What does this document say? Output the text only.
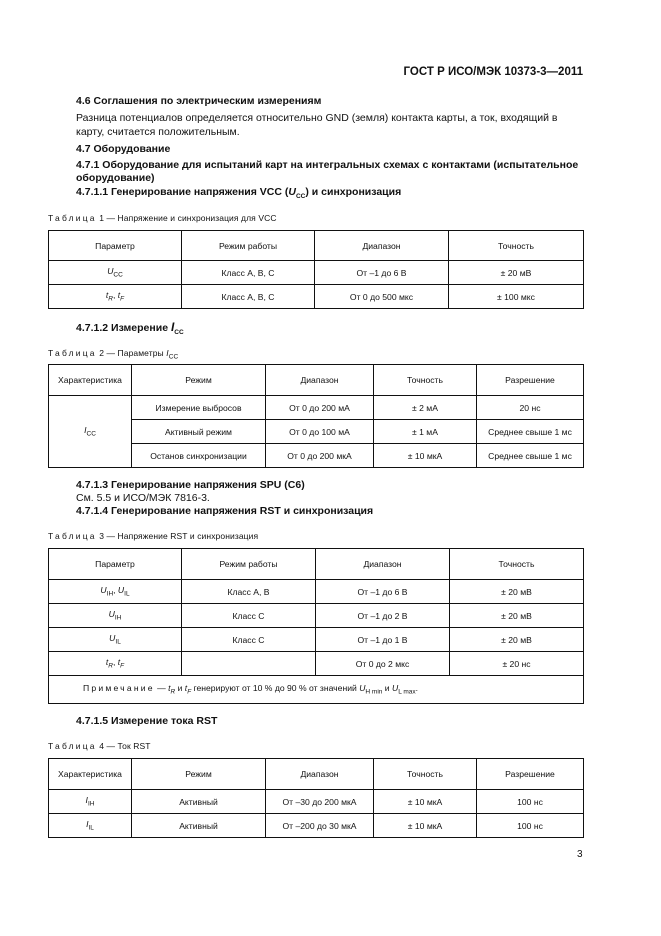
ГОСТ Р ИСО/МЭК 10373-3—2011
4.6 Соглашения по электрическим измерениям
Разница потенциалов определяется относительно GND (земля) контакта карты, а ток, входящий в карту, считается положительным.
4.7 Оборудование
4.7.1 Оборудование для испытаний карт на интегральных схемах с контактами (испытательное оборудование)
4.7.1.1 Генерирование напряжения VCC $(U_{CC})$ и синхронизация
Таблица 1 — Напряжение и синхронизация для VCC
Параметр	Режим работы	Диапазон	Точность
$U_{CC}$	Класс А, В, С	От –1 до 6 В	± 20 мВ
$t_R$, $t_F$	Класс А, В, С	От 0 до 500 мкс	± 100 мкс
4.7.1.2 Измерение $I_{CC}$
Таблица 2 — Параметры $I_{CC}$
Характеристика	Режим	Диапазон	Точность	Разрешение
$I_{CC}$	Измерение выбросов	От 0 до 200 мА	± 2 мА	20 нс
	Активный режим	От 0 до 100 мА	± 1 мА	Среднее свыше 1 мс
	Останов синхронизации	От 0 до 200 мкА	± 10 мкА	Среднее свыше 1 мс
4.7.1.3 Генерирование напряжения SPU (C6)
См. 5.5 и ИСО/МЭК 7816-3.
4.7.1.4 Генерирование напряжения RST и синхронизация
Таблица 3 — Напряжение RST и синхронизация
Параметр	Режим работы	Диапазон	Точность
$U_{IH}$, $U_{IL}$	Класс А, В	От –1 до 6 В	± 20 мВ
$U_{IH}$	Класс С	От –1 до 2 В	± 20 мВ
$U_{IL}$	Класс С	От –1 до 1 В	± 20 мВ
$t_R$, $t_F$		От 0 до 2 мкс	± 20 нс
Примечание — $t_R$ и $t_F$ генерируют от 10 % до 90 % от значений $U_{H min}$ и $U_{L max}$.			
4.7.1.5 Измерение тока RST
Таблица 4 — Ток RST
Характеристика	Режим	Диапазон	Точность	Разрешение
$I_{IH}$	Активный	От –30 до 200 мкА	± 10 мкА	100 нс
$I_{IL}$	Активный	От –200 до 30 мкА	± 10 мкА	100 нс
3
